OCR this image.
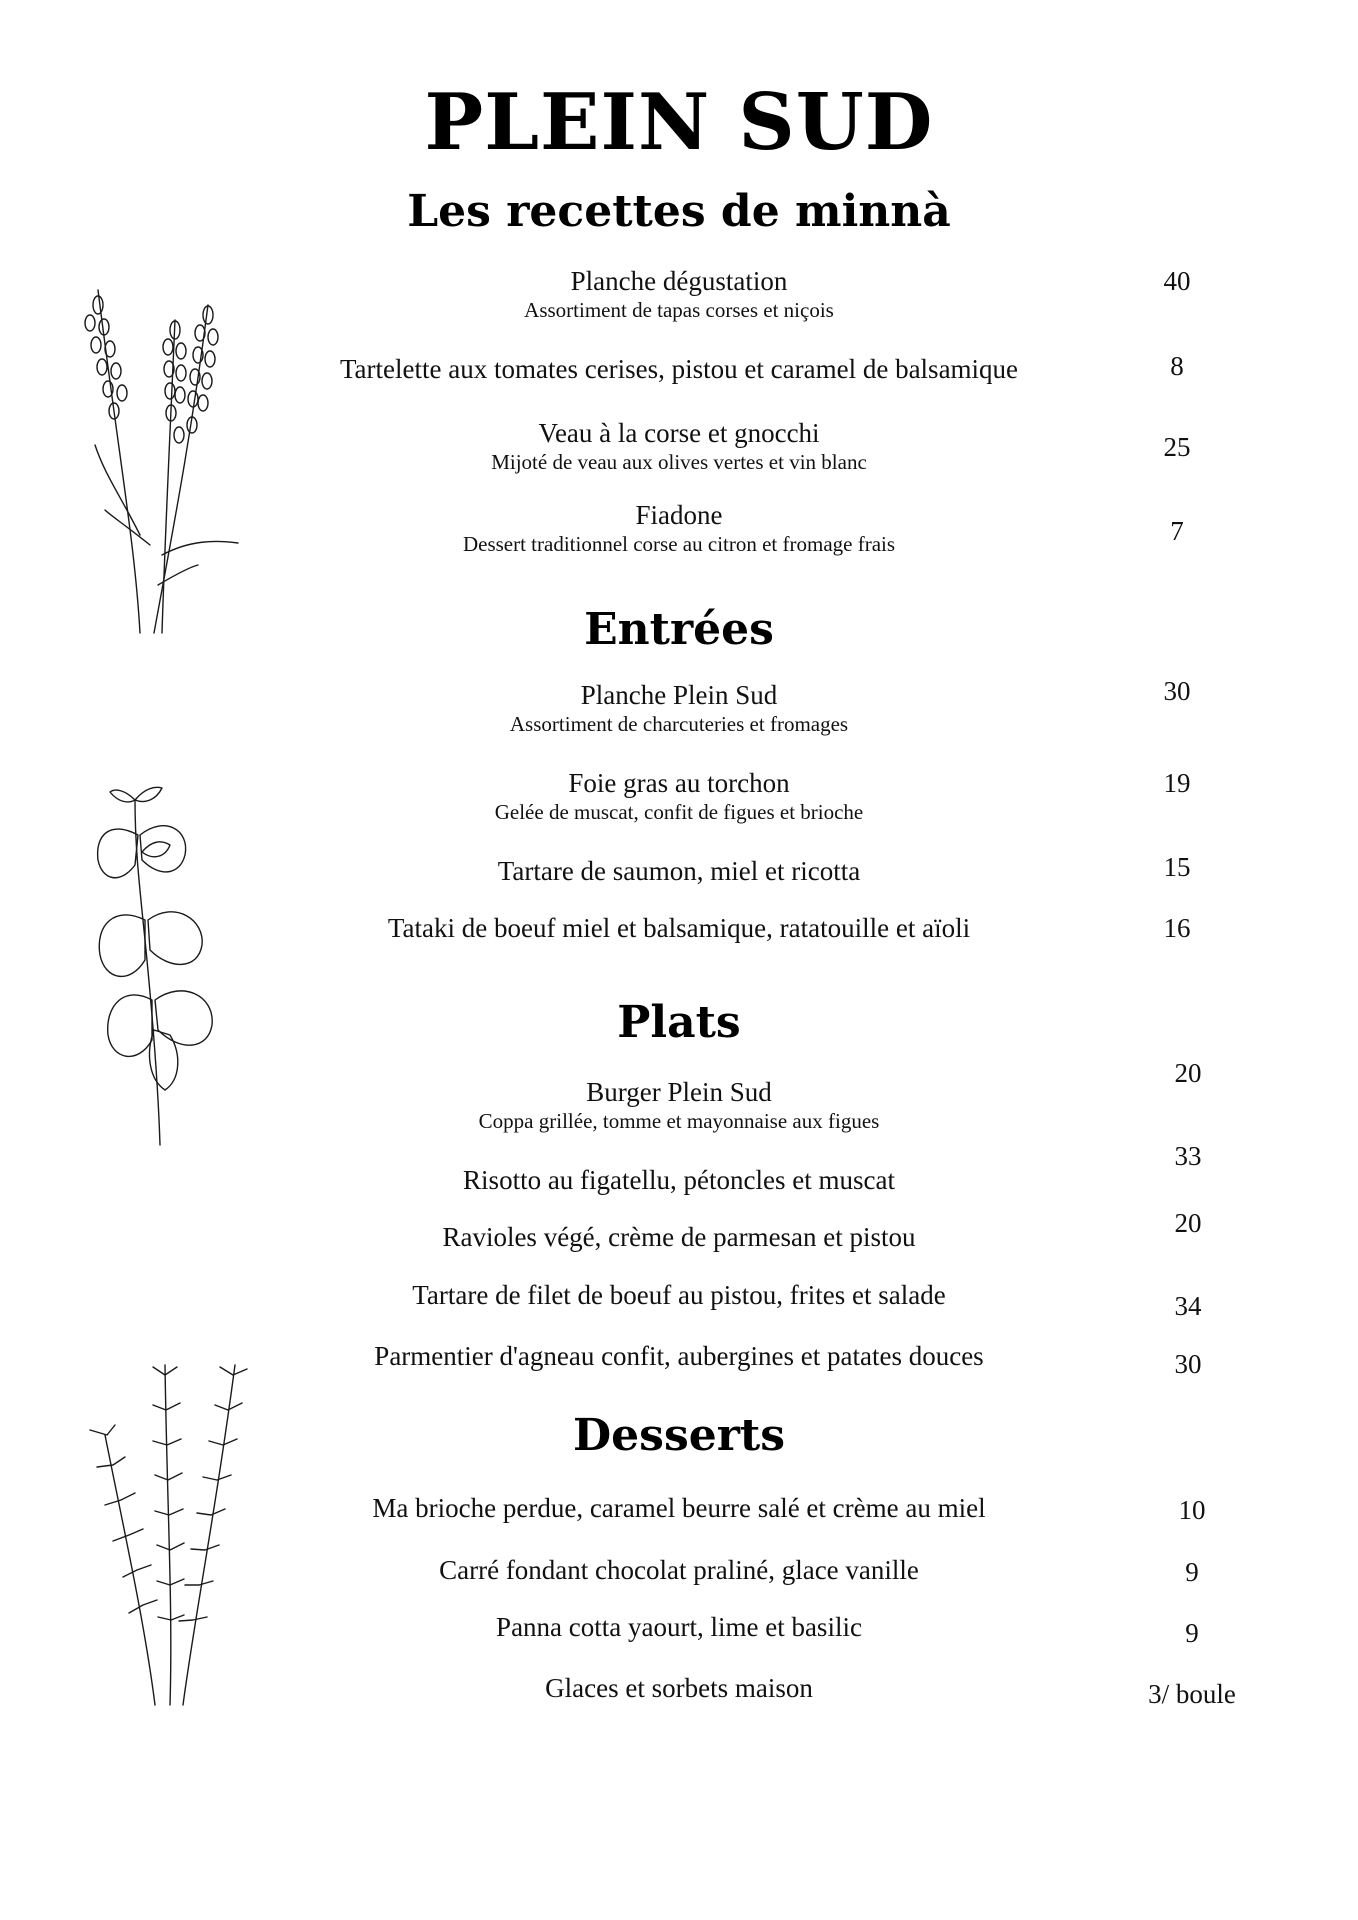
PLEIN SUD
Les recettes de minnà
Planche dégustation
Assortiment de tapas corses et niçois
40
Tartelette aux tomates cerises, pistou et caramel de balsamique	8
Veau à la corse et gnocchi
Mijoté de veau aux olives vertes et vin blanc	25
Fiadone
Dessert traditionnel corse au citron et fromage frais	7
Entrées
Planche Plein Sud
Assortiment de charcuteries et fromages
30
Foie gras au torchon
Gelée de muscat, confit de figues et brioche
19
Tartare de saumon, miel et ricotta	15
Tataki de boeuf miel et balsamique, ratatouille et aïoli	16
Plats
Burger Plein Sud
Coppa grillée, tomme et mayonnaise aux figues
20
Risotto au figatellu, pétoncles et muscat
33
Ravioles végé, crème de parmesan et pistou	20
Tartare de filet de boeuf au pistou, frites et salade	34
Parmentier d'agneau confit, aubergines et patates douces	30
Desserts
Ma brioche perdue, caramel beurre salé et crème au miel	10
Carré fondant chocolat praliné, glace vanille	9
Panna cotta yaourt, lime et basilic	9
Glaces et sorbets maison	3/ boule
